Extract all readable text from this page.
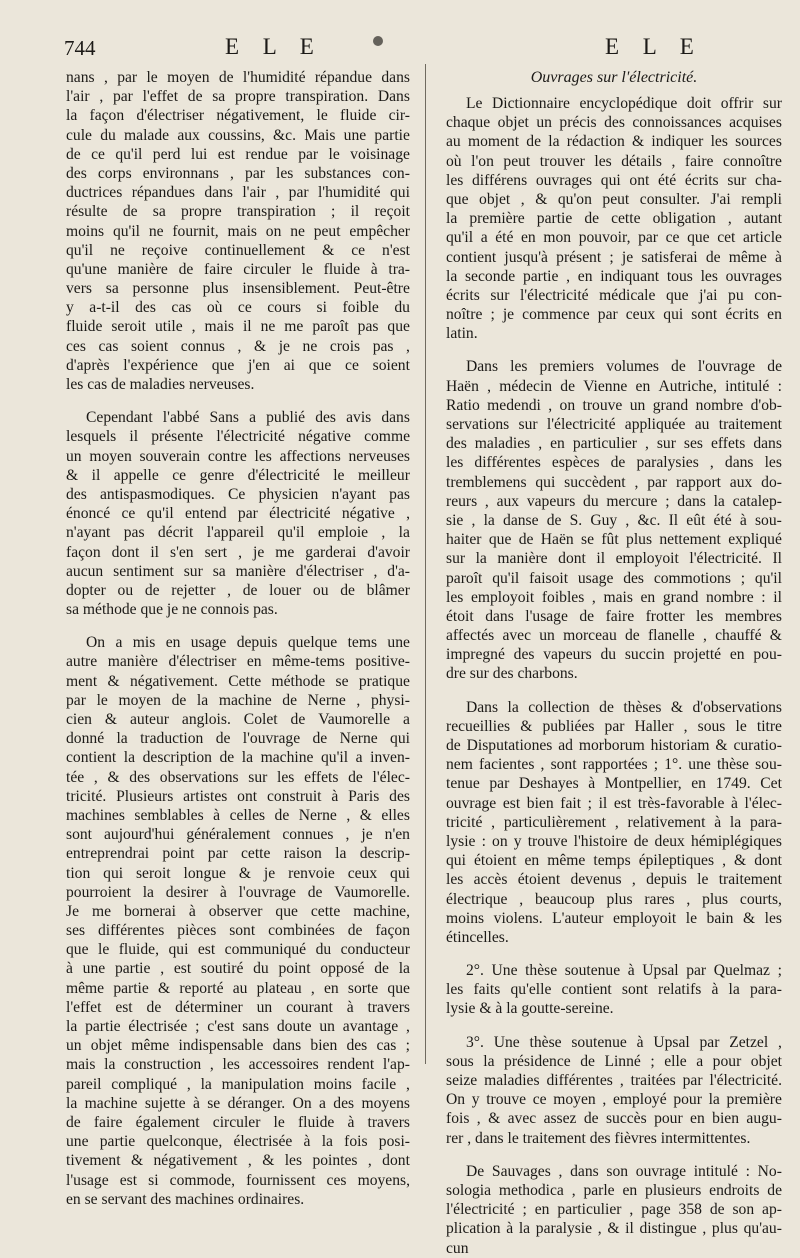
744	E L E	E L E
nans , par le moyen de l'humidité répandue dans
l'air , par l'effet de sa propre transpiration. Dans
la façon d'électriser négativement, le fluide cir-
cule du malade aux coussins, &c. Mais une partie
de ce qu'il perd lui est rendue par le voisinage
des corps environnans , par les substances con-
ductrices répandues dans l'air , par l'humidité qui
résulte de sa propre transpiration ; il reçoit
moins qu'il ne fournit, mais on ne peut empêcher
qu'il ne reçoive continuellement & ce n'est
qu'une manière de faire circuler le fluide à tra-
vers sa personne plus insensiblement. Peut-être
y a-t-il des cas où ce cours si foible du
fluide seroit utile , mais il ne me paroît pas que
ces cas soient connus , & je ne crois pas ,
d'après l'expérience que j'en ai que ce soient
les cas de maladies nerveuses.
Cependant l'abbé Sans a publié des avis dans
lesquels il présente l'électricité négative comme
un moyen souverain contre les affections nerveuses
& il appelle ce genre d'électricité le meilleur
des antispasmodiques. Ce physicien n'ayant pas
énoncé ce qu'il entend par électricité négative ,
n'ayant pas décrit l'appareil qu'il emploie , la
façon dont il s'en sert , je me garderai d'avoir
aucun sentiment sur sa manière d'électriser , d'a-
dopter ou de rejetter , de louer ou de blâmer
sa méthode que je ne connois pas.
On a mis en usage depuis quelque tems une
autre manière d'électriser en même-tems positive-
ment & négativement. Cette méthode se pratique
par le moyen de la machine de Nerne , physi-
cien & auteur anglois. Colet de Vaumorelle a
donné la traduction de l'ouvrage de Nerne qui
contient la description de la machine qu'il a inven-
tée , & des observations sur les effets de l'élec-
tricité. Plusieurs artistes ont construit à Paris des
machines semblables à celles de Nerne , & elles
sont aujourd'hui généralement connues , je n'en
entreprendrai point par cette raison la descrip-
tion qui seroit longue & je renvoie ceux qui
pourroient la desirer à l'ouvrage de Vaumorelle.
Je me bornerai à observer que cette machine,
ses différentes pièces sont combinées de façon
que le fluide, qui est communiqué du conducteur
à une partie , est soutiré du point opposé de la
même partie & reporté au plateau , en sorte que
l'effet est de déterminer un courant à travers
la partie électrisée ; c'est sans doute un avantage ,
un objet même indispensable dans bien des cas ;
mais la construction , les accessoires rendent l'ap-
pareil compliqué , la manipulation moins facile ,
la machine sujette à se déranger. On a des moyens
de faire également circuler le fluide à travers
une partie quelconque, électrisée à la fois posi-
tivement & négativement , & les pointes , dont
l'usage est si commode, fournissent ces moyens,
en se servant des machines ordinaires.
Ouvrages sur l'électricité.
Le Dictionnaire encyclopédique doit offrir sur
chaque objet un précis des connoissances acquises
au moment de la rédaction & indiquer les sources
où l'on peut trouver les détails , faire connoître
les différens ouvrages qui ont été écrits sur cha-
que objet , & qu'on peut consulter. J'ai rempli
la première partie de cette obligation , autant
qu'il a été en mon pouvoir, par ce que cet article
contient jusqu'à présent ; je satisferai de même à
la seconde partie , en indiquant tous les ouvrages
écrits sur l'électricité médicale que j'ai pu con-
noître ; je commence par ceux qui sont écrits en
latin.
Dans les premiers volumes de l'ouvrage de
Haën , médecin de Vienne en Autriche, intitulé :
Ratio medendi , on trouve un grand nombre d'ob-
servations sur l'électricité appliquée au traitement
des maladies , en particulier , sur ses effets dans
les différentes espèces de paralysies , dans les
tremblemens qui succèdent , par rapport aux do-
reurs , aux vapeurs du mercure ; dans la catalep-
sie , la danse de S. Guy , &c. Il eût été à sou-
haiter que de Haën se fût plus nettement expliqué
sur la manière dont il employoit l'électricité. Il
paroît qu'il faisoit usage des commotions ; qu'il
les employoit foibles , mais en grand nombre : il
étoit dans l'usage de faire frotter les membres
affectés avec un morceau de flanelle , chauffé &
impregné des vapeurs du succin projetté en pou-
dre sur des charbons.
Dans la collection de thèses & d'observations
recueillies & publiées par Haller , sous le titre
de Disputationes ad morborum historiam & curatio-
nem facientes , sont rapportées ; 1°. une thèse sou-
tenue par Deshayes à Montpellier, en 1749. Cet
ouvrage est bien fait ; il est très-favorable à l'élec-
tricité , particulièrement , relativement à la para-
lysie : on y trouve l'histoire de deux hémiplégiques
qui étoient en même temps épileptiques , & dont
les accès étoient devenus , depuis le traitement
électrique , beaucoup plus rares , plus courts,
moins violens. L'auteur employoit le bain & les
étincelles.
2°. Une thèse soutenue à Upsal par Quelmaz ;
les faits qu'elle contient sont relatifs à la para-
lysie & à la goutte-sereine.
3°. Une thèse soutenue à Upsal par Zetzel ,
sous la présidence de Linné ; elle a pour objet
seize maladies différentes , traitées par l'électricité.
On y trouve ce moyen , employé pour la première
fois , & avec assez de succès pour en bien augu-
rer , dans le traitement des fièvres intermittentes.
De Sauvages , dans son ouvrage intitulé : No-
sologia methodica , parle en plusieurs endroits de
l'électricité ; en particulier , page 358 de son ap-
plication à la paralysie , & il distingue , plus qu'au-
cun
